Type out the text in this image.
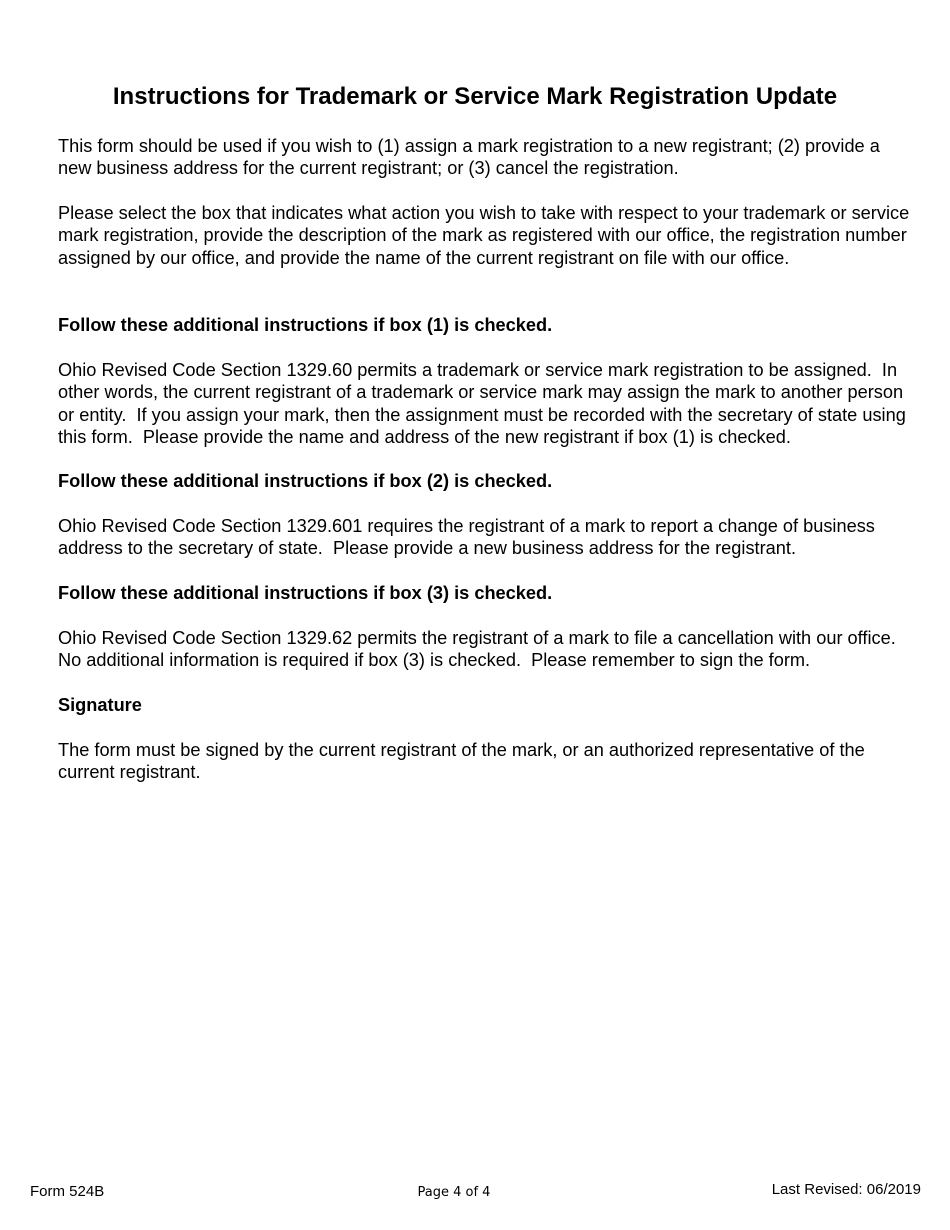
Instructions for Trademark or Service Mark Registration Update

This form should be used if you wish to (1) assign a mark registration to a new registrant; (2) provide a new business address for the current registrant; or (3) cancel the registration.

Please select the box that indicates what action you wish to take with respect to your trademark or service mark registration, provide the description of the mark as registered with our office, the registration number assigned by our office, and provide the name of the current registrant on file with our office.

Follow these additional instructions if box (1) is checked.

Ohio Revised Code Section 1329.60 permits a trademark or service mark registration to be assigned.  In other words, the current registrant of a trademark or service mark may assign the mark to another person or entity.  If you assign your mark, then the assignment must be recorded with the secretary of state using this form.  Please provide the name and address of the new registrant if box (1) is checked.

Follow these additional instructions if box (2) is checked.

Ohio Revised Code Section 1329.601 requires the registrant of a mark to report a change of business address to the secretary of state.  Please provide a new business address for the registrant.

Follow these additional instructions if box (3) is checked.

Ohio Revised Code Section 1329.62 permits the registrant of a mark to file a cancellation with our office.  No additional information is required if box (3) is checked.  Please remember to sign the form.

Signature

The form must be signed by the current registrant of the mark, or an authorized representative of the current registrant.

Form 524B	Page 4 of 4	Last Revised: 06/2019
